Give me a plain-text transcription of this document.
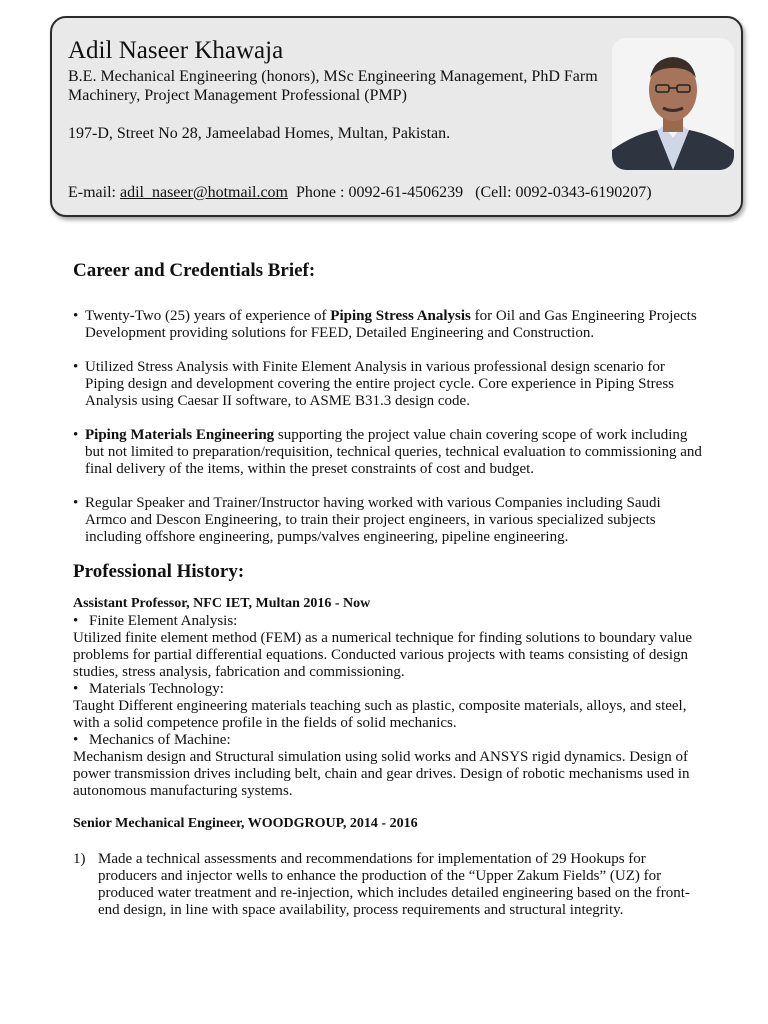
Adil Naseer Khawaja
B.E. Mechanical Engineering (honors), MSc Engineering Management, PhD Farm Machinery, Project Management Professional (PMP)
197-D, Street No 28, Jameelabad Homes, Multan, Pakistan.
E-mail: adil_naseer@hotmail.com Phone : 0092-61-4506239 (Cell: 0092-0343-6190207)
Career and Credentials Brief:
• Twenty-Two (25) years of experience of Piping Stress Analysis for Oil and Gas Engineering Projects Development providing solutions for FEED, Detailed Engineering and Construction.
• Utilized Stress Analysis with Finite Element Analysis in various professional design scenario for Piping design and development covering the entire project cycle. Core experience in Piping Stress Analysis using Caesar II software, to ASME B31.3 design code.
• Piping Materials Engineering supporting the project value chain covering scope of work including but not limited to preparation/requisition, technical queries, technical evaluation to commissioning and final delivery of the items, within the preset constraints of cost and budget.
• Regular Speaker and Trainer/Instructor having worked with various Companies including Saudi Armco and Descon Engineering, to train their project engineers, in various specialized subjects including offshore engineering, pumps/valves engineering, pipeline engineering.
Professional History:
Assistant Professor, NFC IET, Multan 2016 - Now
• Finite Element Analysis:
Utilized finite element method (FEM) as a numerical technique for finding solutions to boundary value problems for partial differential equations. Conducted various projects with teams consisting of design studies, stress analysis, fabrication and commissioning.
• Materials Technology:
Taught Different engineering materials teaching such as plastic, composite materials, alloys, and steel, with a solid competence profile in the fields of solid mechanics.
• Mechanics of Machine:
Mechanism design and Structural simulation using solid works and ANSYS rigid dynamics. Design of power transmission drives including belt, chain and gear drives. Design of robotic mechanisms used in autonomous manufacturing systems.
Senior Mechanical Engineer, WOODGROUP, 2014 - 2016
1) Made a technical assessments and recommendations for implementation of 29 Hookups for producers and injector wells to enhance the production of the “Upper Zakum Fields” (UZ) for produced water treatment and re-injection, which includes detailed engineering based on the front-end design, in line with space availability, process requirements and structural integrity.
